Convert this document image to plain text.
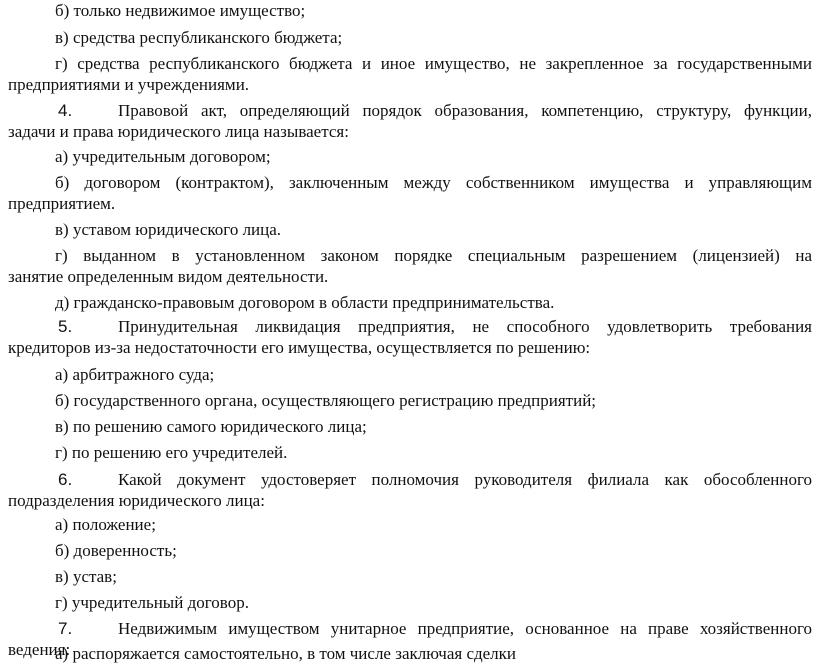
б) только недвижимое имущество;
в) средства республиканского бюджета;
г) средства республиканского бюджета и иное имущество, не закрепленное за государственными
предприятиями и учреждениями.
4.	Правовой акт, определяющий порядок образования, компетенцию, структуру, функции,
задачи и права юридического лица называется:
а) учредительным договором;
б) договором (контрактом), заключенным между собственником имущества и управляющим
предприятием.
в) уставом юридического лица.
г) выданном в установленном законом порядке специальным разрешением (лицензией) на
занятие определенным видом деятельности.
д) гражданско-правовым договором в области предпринимательства.
5.	Принудительная ликвидация предприятия, не способного удовлетворить требования
кредиторов из-за недостаточности его имущества, осуществляется по решению:
а) арбитражного суда;
б) государственного органа, осуществляющего регистрацию предприятий;
в) по решению самого юридического лица;
г) по решению его учредителей.
6.	Какой документ удостоверяет полномочия руководителя филиала как обособленного
подразделения юридического лица:
а) положение;
б) доверенность;
в) устав;
г) учредительный договор.
7.	Недвижимым имуществом унитарное предприятие, основанное на праве хозяйственного
ведения:
а) распоряжается самостоятельно, в том числе заключая сделки
